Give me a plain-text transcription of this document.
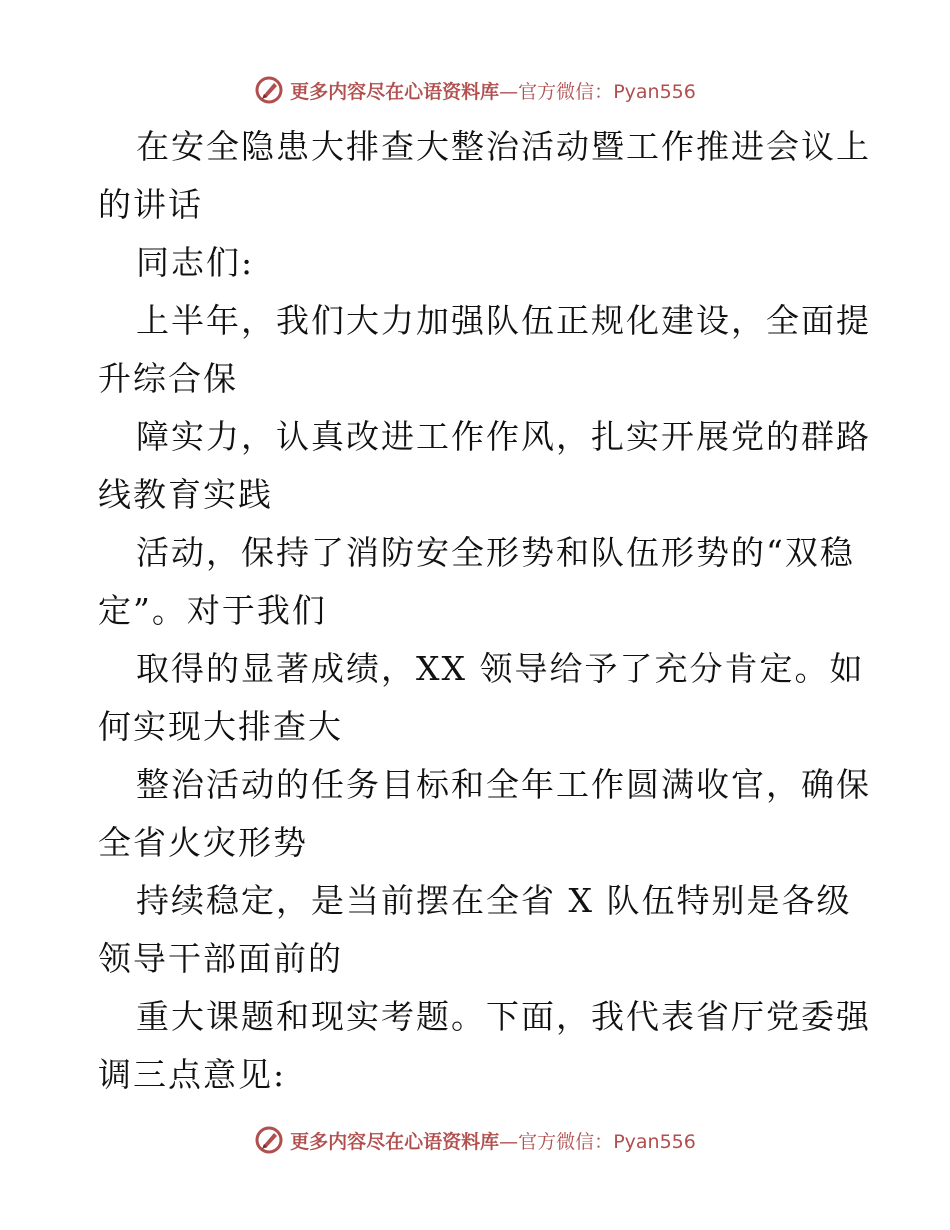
更多内容尽在心语资料库—官方微信：Pyan556
在安全隐患大排查大整治活动暨工作推进会议上
的讲话
同志们:
上半年，我们大力加强队伍正规化建设，全面提
升综合保
障实力，认真改进工作作风，扎实开展党的群路
线教育实践
活动，保持了消防安全形势和队伍形势的“双稳
定”。对于我们
取得的显著成绩，XX 领导给予了充分肯定。如
何实现大排查大
整治活动的任务目标和全年工作圆满收官，确保
全省火灾形势
持续稳定，是当前摆在全省 X 队伍特别是各级
领导干部面前的
重大课题和现实考题。下面，我代表省厅党委强
调三点意见:
更多内容尽在心语资料库—官方微信：Pyan556
